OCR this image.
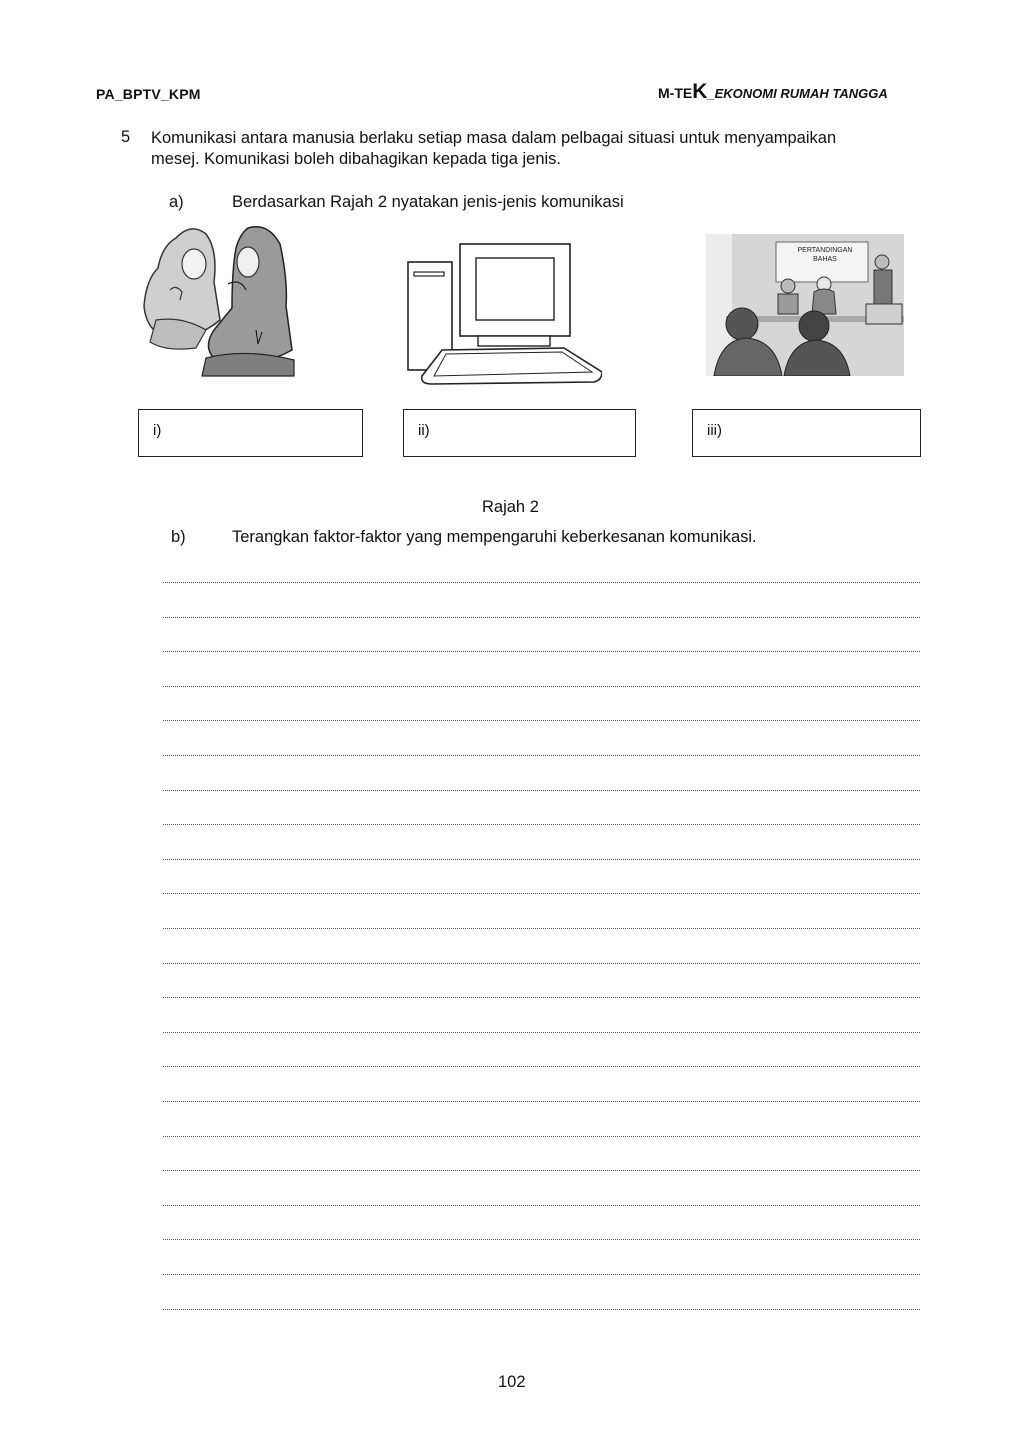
PA_BPTV_KPM	M-TEK_EKONOMI RUMAH TANGGA
5 Komunikasi antara manusia berlaku setiap masa dalam pelbagai situasi untuk menyampaikan mesej. Komunikasi boleh dibahagikan kepada tiga jenis.
a)	Berdasarkan Rajah 2 nyatakan jenis-jenis komunikasi
PERTANDINGAN BAHAS
i)	ii)	iii)
Rajah 2
b)	Terangkan faktor-faktor yang mempengaruhi keberkesanan komunikasi.
102
